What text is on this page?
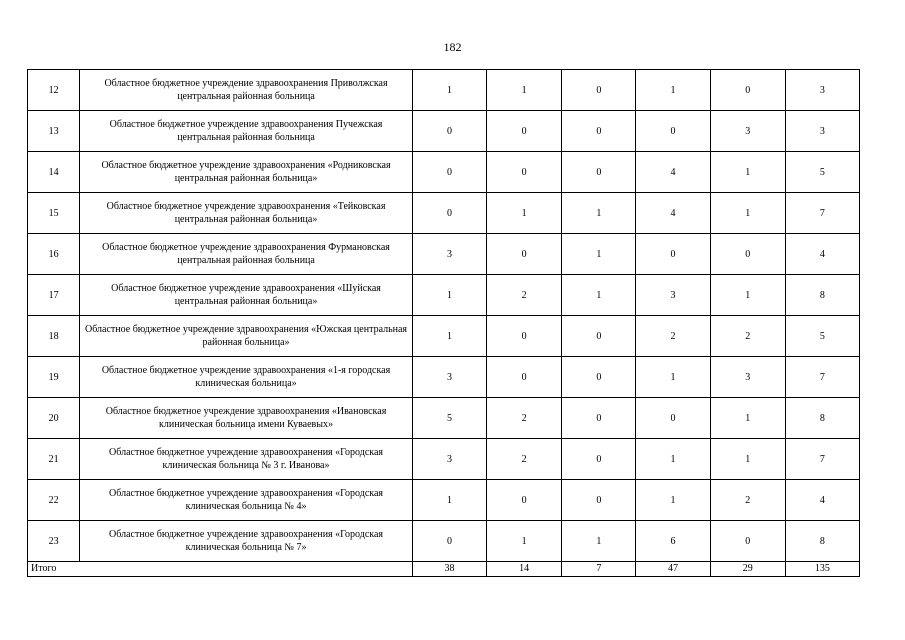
182
12	Областное бюджетное учреждение здравоохранения Приволжская центральная районная больница	1	1	0	1	0	3
13	Областное бюджетное учреждение здравоохранения Пучежская центральная районная больница	0	0	0	0	3	3
14	Областное бюджетное учреждение здравоохранения «Родниковская центральная районная больница»	0	0	0	4	1	5
15	Областное бюджетное учреждение здравоохранения «Тейковская центральная районная больница»	0	1	1	4	1	7
16	Областное бюджетное учреждение здравоохранения Фурмановская центральная районная больница	3	0	1	0	0	4
17	Областное бюджетное учреждение здравоохранения «Шуйская центральная районная больница»	1	2	1	3	1	8
18	Областное бюджетное учреждение здравоохранения «Южская центральная районная больница»	1	0	0	2	2	5
19	Областное бюджетное учреждение здравоохранения «1-я городская клиническая больница»	3	0	0	1	3	7
20	Областное бюджетное учреждение здравоохранения «Ивановская клиническая больница имени Куваевых»	5	2	0	0	1	8
21	Областное бюджетное учреждение здравоохранения «Городская клиническая больница № 3 г. Иванова»	3	2	0	1	1	7
22	Областное бюджетное учреждение здравоохранения «Городская клиническая больница № 4»	1	0	0	1	2	4
23	Областное бюджетное учреждение здравоохранения «Городская клиническая больница № 7»	0	1	1	6	0	8
Итого		38	14	7	47	29	135
